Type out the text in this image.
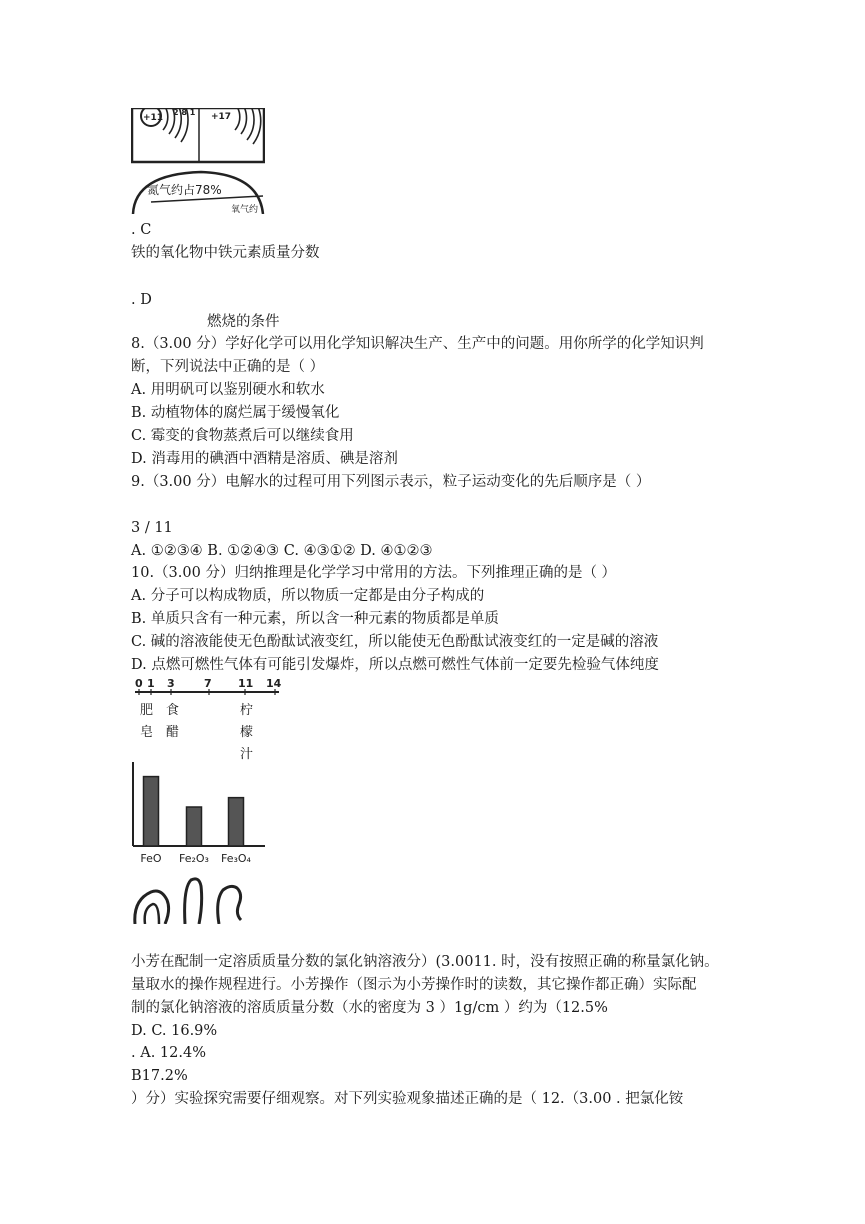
+11
2 8 1 +17
氮气约占78%
氧气约
. C
铁的氧化物中铁元素质量分数
. D
燃烧的条件
8.（3.00 分）学好化学可以用化学知识解决生产、生产中的问题。用你所学的化学知识判
断，下列说法中正确的是（ ）
A. 用明矾可以鉴别硬水和软水
B. 动植物体的腐烂属于缓慢氧化
C. 霉变的食物蒸煮后可以继续食用
D. 消毒用的碘酒中酒精是溶质、碘是溶剂
9.（3.00 分）电解水的过程可用下列图示表示，粒子运动变化的先后顺序是（ ）
3 / 11
A. ①②③④ B. ①②④③ C. ④③①② D. ④①②③
10.（3.00 分）归纳推理是化学学习中常用的方法。下列推理正确的是（ ）
A. 分子可以构成物质，所以物质一定都是由分子构成的
B. 单质只含有一种元素，所以含一种元素的物质都是单质
C. 碱的溶液能使无色酚酞试液变红，所以能使无色酚酞试液变红的一定是碱的溶液
D. 点燃可燃性气体有可能引发爆炸，所以点燃可燃性气体前一定要先检验气体纯度
0 1 3	7 11 14
肥皂
食醋
柠檬汁
FeO Fe₂O₃ Fe₃O₄
小芳在配制一定溶质质量分数的氯化钠溶液分）(3.0011. 时，没有按照正确的称量氯化钠。
量取水的操作规程进行。小芳操作（图示为小芳操作时的读数，其它操作都正确）实际配
制的氯化钠溶液的溶质质量分数（水的密度为 3 ）1g/cm ）约为（12.5%
D. C. 16.9%
. A. 12.4%
B17.2%
）分）实验探究需要仔细观察。对下列实验观象描述正确的是（ 12.（3.00 . 把氯化铵
